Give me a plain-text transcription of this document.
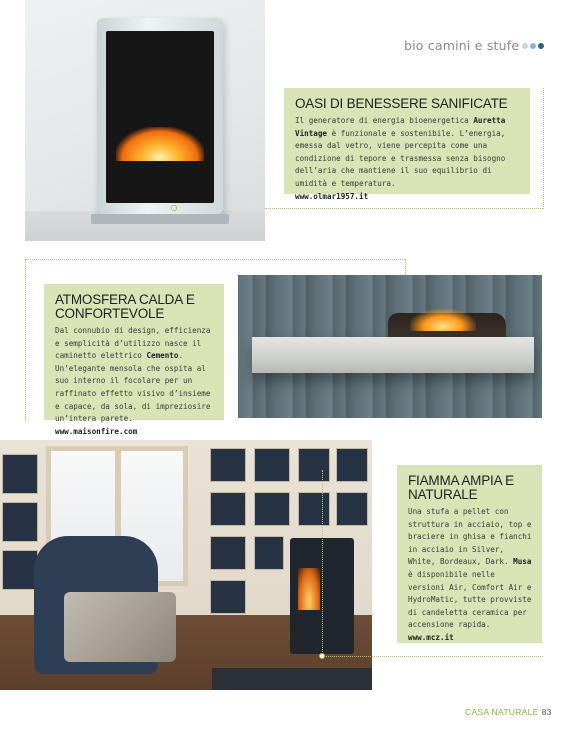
bio camini e stufe
OASI DI BENESSERE SANIFICATE

Il generatore di energia bioenergetica Auretta Vintage è funzionale e sostenibile. L’energia, emessa dal vetro, viene percepita come una condizione di tepore e trasmessa senza bisogno dell’aria che mantiene il suo equilibrio di umidità e temperatura.

www.olmar1957.it
ATMOSFERA CALDA E CONFORTEVOLE

Dal connubio di design, efficienza e semplicità d’utilizzo nasce il caminetto elettrico Cemento. Un’elegante mensola che ospita al suo interno il focolare per un raffinato effetto visivo d’insieme e capace, da sola, di impreziosire un’intera parete.

www.maisonfire.com
FIAMMA AMPIA E NATURALE

Una stufa a pellet con struttura in acciaio, top e braciere in ghisa e fianchi in acciaio in Silver, White, Bordeaux, Dark. Musa è disponibile nelle versioni Air, Comfort Air e HydroMatic, tutte provviste di candeletta ceramica per accensione rapida.

www.mcz.it
CASA NATURALE 83
